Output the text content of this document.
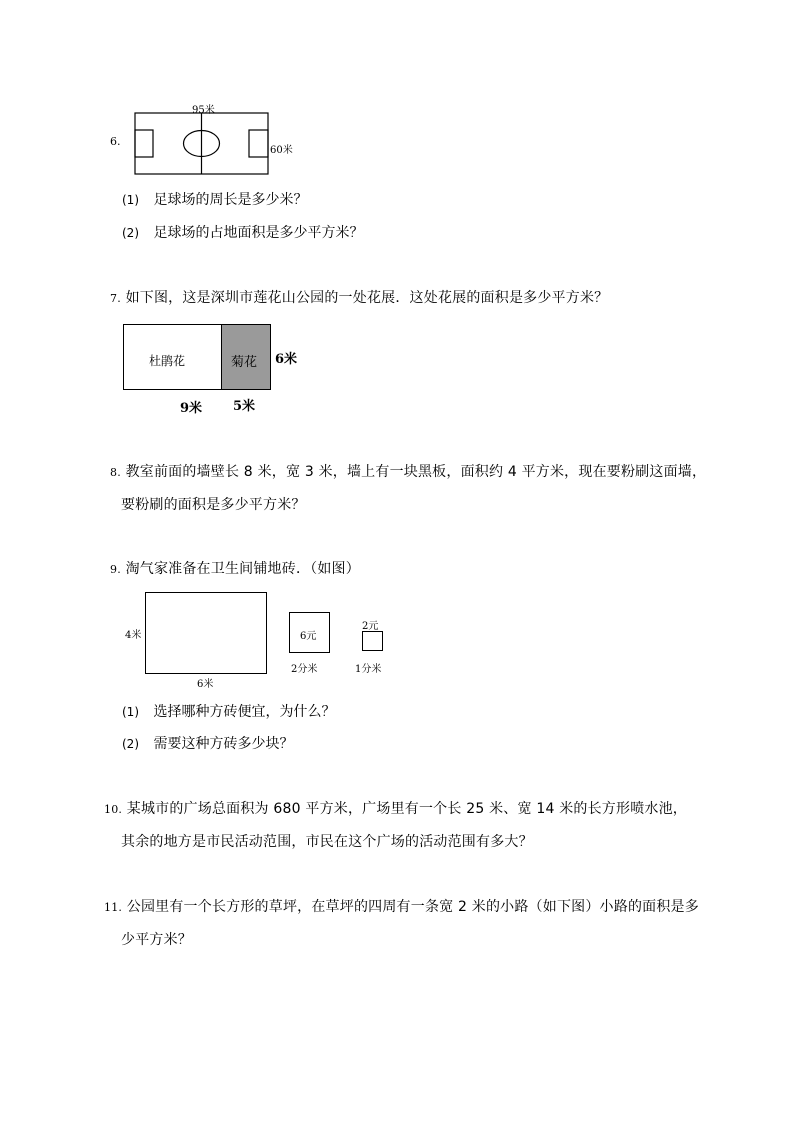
6.
95米
60米
(1) 足球场的周长是多少米？
(2) 足球场的占地面积是多少平方米？
7. 如下图，这是深圳市莲花山公园的一处花展．这处花展的面积是多少平方米？
杜鹃花	菊花 6米
9米 5米
8. 教室前面的墙壁长 8 米，宽 3 米，墙上有一块黑板，面积约 4 平方米，现在要粉刷这面墙，
要粉刷的面积是多少平方米？
9. 淘气家准备在卫生间铺地砖．（如图）
4米
6米
6元
2分米
2元
1分米
(1) 选择哪种方砖便宜，为什么？
(2) 需要这种方砖多少块？
10. 某城市的广场总面积为 680 平方米，广场里有一个长 25 米、宽 14 米的长方形喷水池，
其余的地方是市民活动范围，市民在这个广场的活动范围有多大？
11. 公园里有一个长方形的草坪，在草坪的四周有一条宽 2 米的小路（如下图）小路的面积是多
少平方米？
